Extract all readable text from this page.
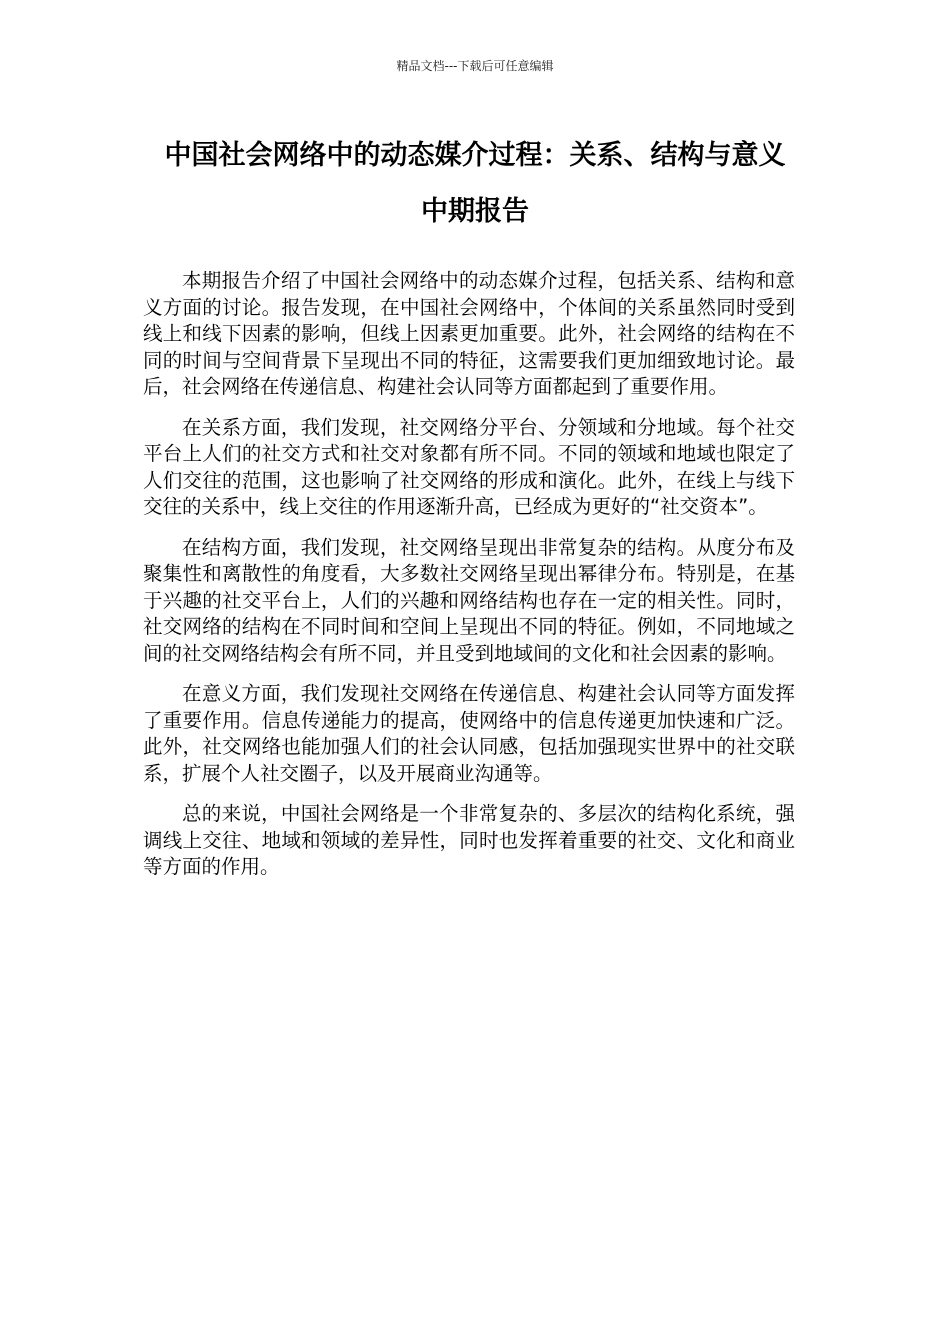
精品文档---下载后可任意编辑
中国社会网络中的动态媒介过程：关系、结构与意义
中期报告

本期报告介绍了中国社会网络中的动态媒介过程，包括关系、结构和意义方面的讨论。报告发现，在中国社会网络中，个体间的关系虽然同时受到线上和线下因素的影响，但线上因素更加重要。此外，社会网络的结构在不同的时间与空间背景下呈现出不同的特征，这需要我们更加细致地讨论。最后，社会网络在传递信息、构建社会认同等方面都起到了重要作用。

在关系方面，我们发现，社交网络分平台、分领域和分地域。每个社交平台上人们的社交方式和社交对象都有所不同。不同的领域和地域也限定了人们交往的范围，这也影响了社交网络的形成和演化。此外，在线上与线下交往的关系中，线上交往的作用逐渐升高，已经成为更好的“社交资本”。

在结构方面，我们发现，社交网络呈现出非常复杂的结构。从度分布及聚集性和离散性的角度看，大多数社交网络呈现出幂律分布。特别是，在基于兴趣的社交平台上，人们的兴趣和网络结构也存在一定的相关性。同时，社交网络的结构在不同时间和空间上呈现出不同的特征。例如，不同地域之间的社交网络结构会有所不同，并且受到地域间的文化和社会因素的影响。

在意义方面，我们发现社交网络在传递信息、构建社会认同等方面发挥了重要作用。信息传递能力的提高，使网络中的信息传递更加快速和广泛。此外，社交网络也能加强人们的社会认同感，包括加强现实世界中的社交联系，扩展个人社交圈子，以及开展商业沟通等。

总的来说，中国社会网络是一个非常复杂的、多层次的结构化系统，强调线上交往、地域和领域的差异性，同时也发挥着重要的社交、文化和商业等方面的作用。
